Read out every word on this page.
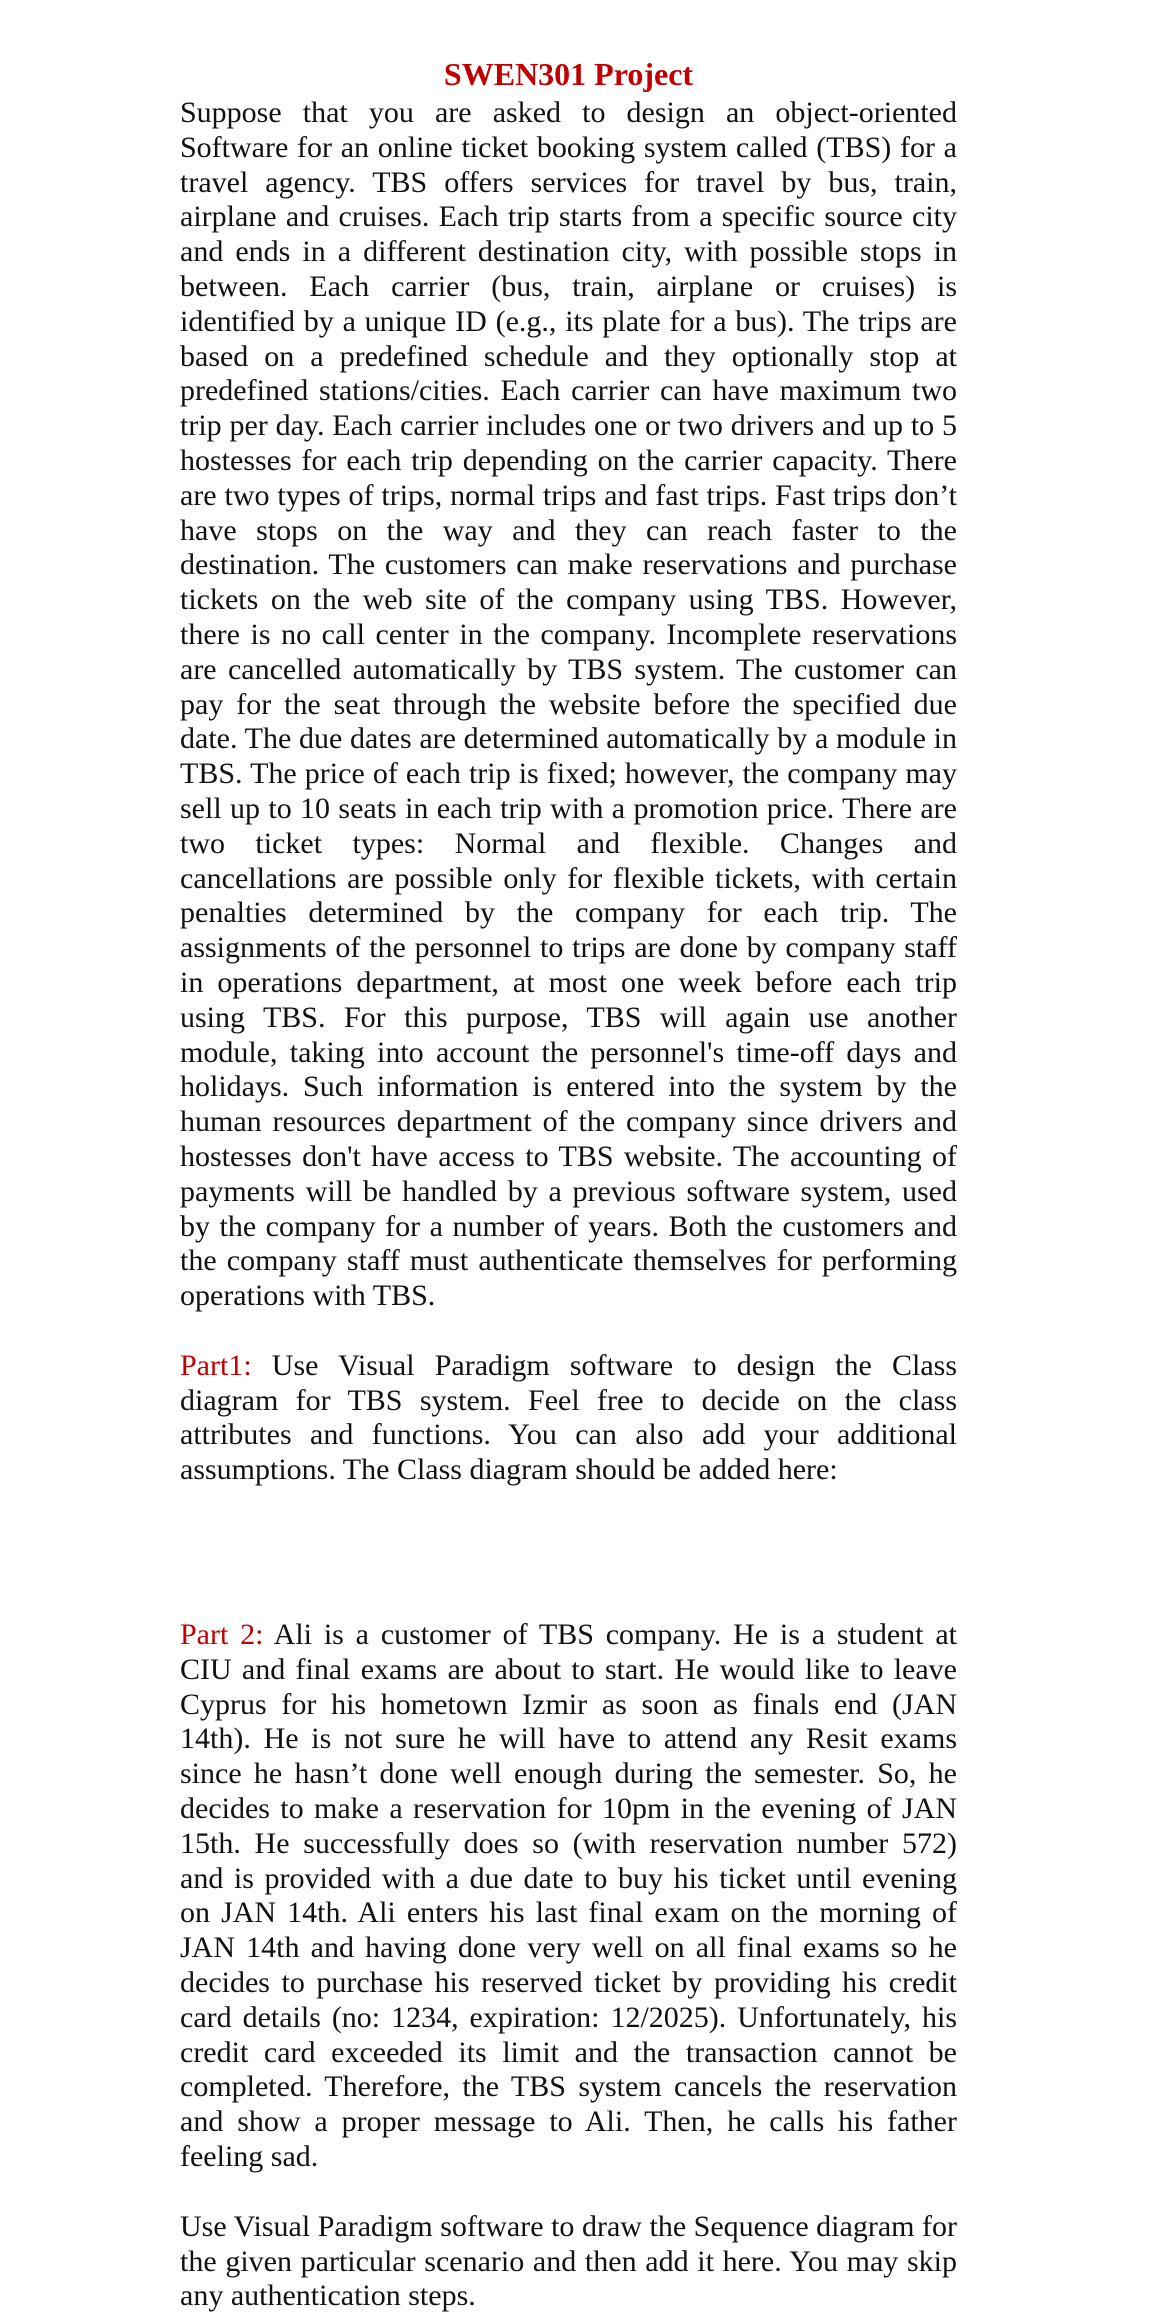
SWEN301 Project

Suppose that you are asked to design an object-oriented Software for an online ticket booking system called (TBS) for a travel agency. TBS offers services for travel by bus, train, airplane and cruises. Each trip starts from a specific source city and ends in a different destination city, with possible stops in between. Each carrier (bus, train, airplane or cruises) is identified by a unique ID (e.g., its plate for a bus). The trips are based on a predefined schedule and they optionally stop at predefined stations/cities. Each carrier can have maximum two trip per day. Each carrier includes one or two drivers and up to 5 hostesses for each trip depending on the carrier capacity. There are two types of trips, normal trips and fast trips. Fast trips don’t have stops on the way and they can reach faster to the destination. The customers can make reservations and purchase tickets on the web site of the company using TBS. However, there is no call center in the company. Incomplete reservations are cancelled automatically by TBS system. The customer can pay for the seat through the website before the specified due date. The due dates are determined automatically by a module in TBS. The price of each trip is fixed; however, the company may sell up to 10 seats in each trip with a promotion price. There are two ticket types: Normal and flexible. Changes and cancellations are possible only for flexible tickets, with certain penalties determined by the company for each trip. The assignments of the personnel to trips are done by company staff in operations department, at most one week before each trip using TBS. For this purpose, TBS will again use another module, taking into account the personnel's time-off days and holidays. Such information is entered into the system by the human resources department of the company since drivers and hostesses don't have access to TBS website. The accounting of payments will be handled by a previous software system, used by the company for a number of years. Both the customers and the company staff must authenticate themselves for performing operations with TBS.

Part1: Use Visual Paradigm software to design the Class diagram for TBS system. Feel free to decide on the class attributes and functions. You can also add your additional assumptions. The Class diagram should be added here:

Part 2: Ali is a customer of TBS company. He is a student at CIU and final exams are about to start. He would like to leave Cyprus for his hometown Izmir as soon as finals end (JAN 14th). He is not sure he will have to attend any Resit exams since he hasn’t done well enough during the semester. So, he decides to make a reservation for 10pm in the evening of JAN 15th. He successfully does so (with reservation number 572) and is provided with a due date to buy his ticket until evening on JAN 14th. Ali enters his last final exam on the morning of JAN 14th and having done very well on all final exams so he decides to purchase his reserved ticket by providing his credit card details (no: 1234, expiration: 12/2025). Unfortunately, his credit card exceeded its limit and the transaction cannot be completed. Therefore, the TBS system cancels the reservation and show a proper message to Ali. Then, he calls his father feeling sad.

Use Visual Paradigm software to draw the Sequence diagram for the given particular scenario and then add it here. You may skip any authentication steps.
